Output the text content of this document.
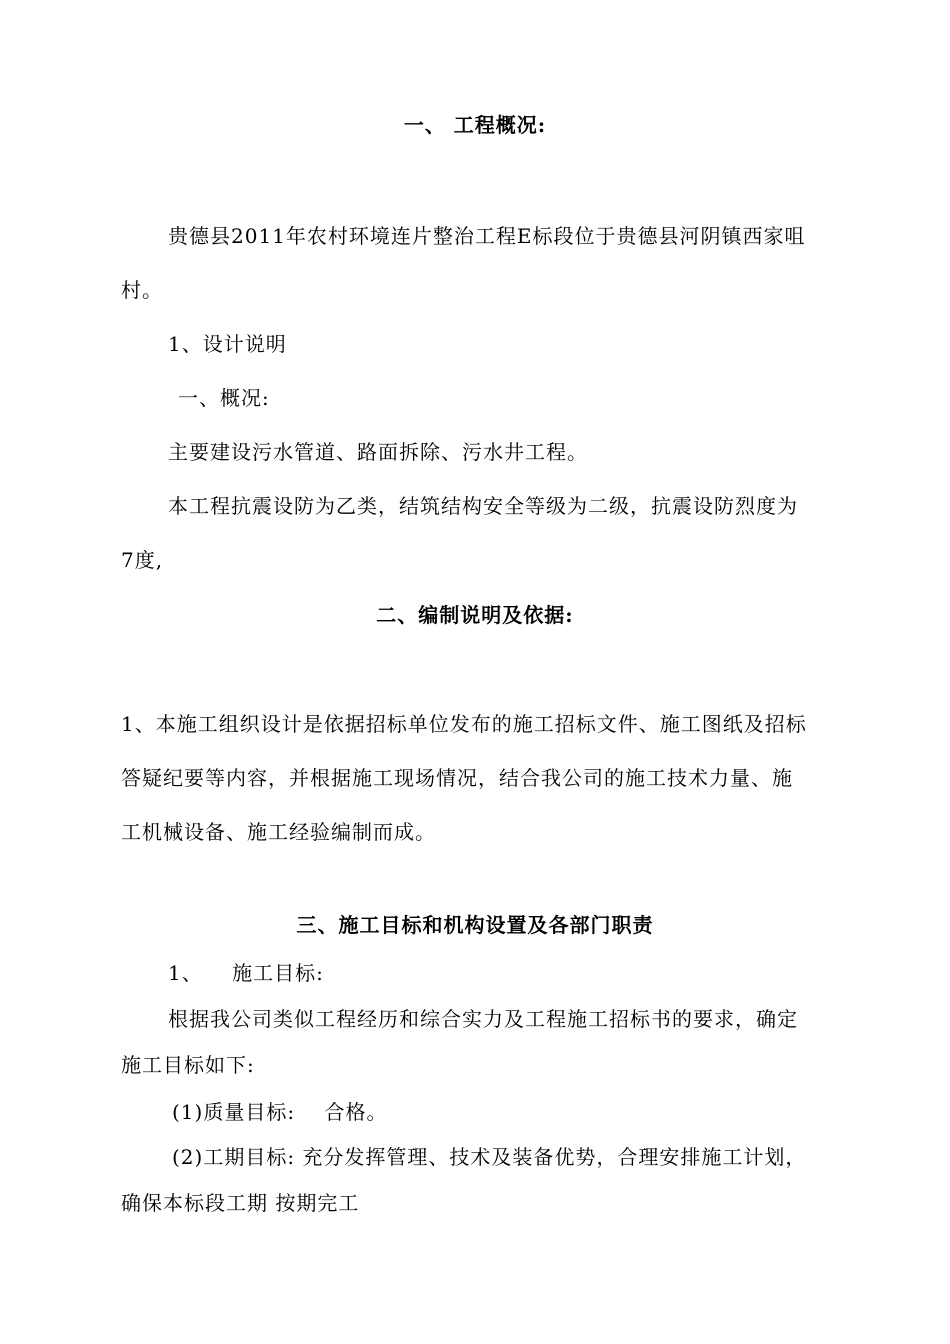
一、 工程概况:

贵德县2011年农村环境连片整治工程E标段位于贵德县河阴镇西家咀

村。

1、设计说明

一、概况:

主要建设污水管道、路面拆除、污水井工程。

本工程抗震设防为乙类，结筑结构安全等级为二级，抗震设防烈度为

7度,

二、编制说明及依据:

1、本施工组织设计是依据招标单位发布的施工招标文件、施工图纸及招标

答疑纪要等内容，并根据施工现场情况，结合我公司的施工技术力量、施

工机械设备、施工经验编制而成。

三、施工目标和机构设置及各部门职责

1、    施工目标:

根据我公司类似工程经历和综合实力及工程施工招标书的要求，确定

施工目标如下:

(1)质量目标:    合格。

(2)工期目标: 充分发挥管理、技术及装备优势，合理安排施工计划，

确保本标段工期 按期完工
